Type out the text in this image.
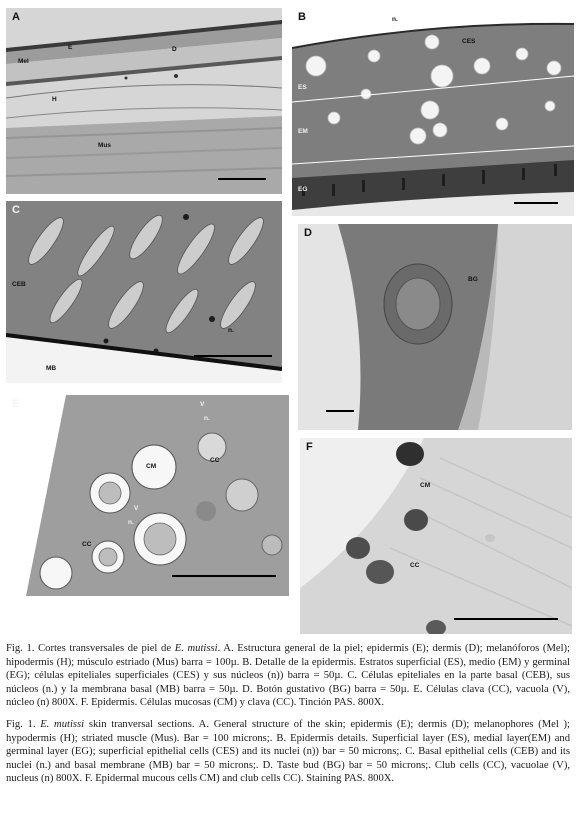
A
E	D
Mel
H
Mus
B	n.
CES
ES
EM
EG
C
CEB
n.
MB
D
BG
E	V
n.
CM
CC
V
n.
CC
F
CM
CC

Fig. 1. Cortes transversales de piel de E. mutissi. A. Estructura general de la piel; epidermis (E); dermis (D); melanóforos (Mel); hipodermis (H); músculo estriado (Mus) barra = 100µ. B. Detalle de la epidermis. Estratos superficial (ES), medio (EM) y germinal (EG); células epiteliales superficiales (CES) y sus núcleos (n)) barra = 50µ. C. Células epiteliales en la parte basal (CEB), sus núcleos (n.) y la membrana basal (MB) barra = 50µ. D. Botón gustativo (BG) barra = 50µ. E. Células clava (CC), vacuola (V), núcleo (n) 800X. F. Epidermis. Células mucosas (CM) y clava (CC). Tinción PAS. 800X.

Fig. 1. E. mutissi skin tranversal sections. A. General structure of the skin; epidermis (E); dermis (D); melanophores (Mel ); hypodermis (H); striated muscle (Mus). Bar = 100 microns;. B. Epidermis details. Superficial layer (ES), medial layer(EM) and germinal layer (EG); superficial epithelial cells (CES) and its nuclei (n)) bar = 50 microns;. C. Basal epithelial cells (CEB) and its nuclei (n.) and basal membrane (MB) bar = 50 microns;. D. Taste bud (BG) bar = 50 microns;. Club cells (CC), vacuolae (V), nucleus (n) 800X. F. Epidermal mucous cells CM) and club cells CC). Staining PAS. 800X.
